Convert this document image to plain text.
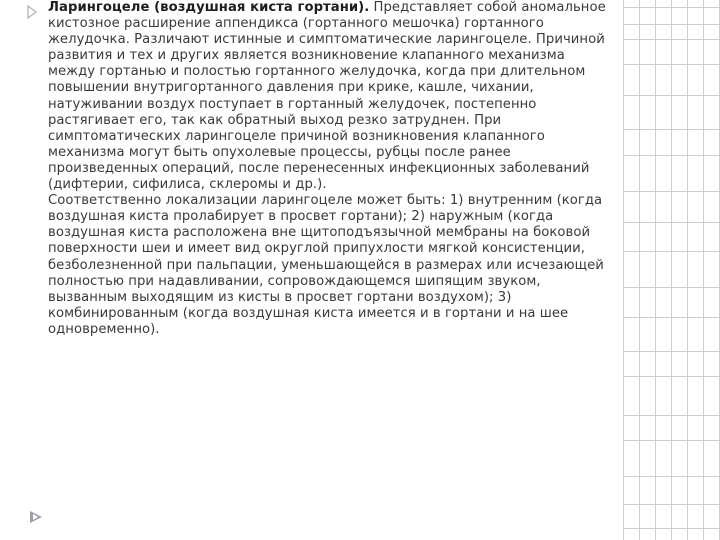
Ларингоцеле (воздушная киста гортани). Представляет собой аномальное кистозное расширение аппендикса (гортанного мешочка) гортанного желудочка. Различают истинные и симптоматические ларингоцеле. Причиной развития и тех и других является возникновение клапанного механизма между гортанью и полостью гортанного желудочка, когда при длительном повышении внутригортанного давления при крике, кашле, чихании, натуживании воздух поступает в гортанный желудочек, постепенно растягивает его, так как обратный выход резко затруднен. При симптоматических ларингоцеле причиной возникновения клапанного механизма могут быть опухолевые процессы, рубцы после ранее произведенных операций, после перенесенных инфекционных заболеваний (дифтерии, сифилиса, склеромы и др.).

Соответственно локализации ларингоцеле может быть: 1) внутренним (когда воздушная киста пролабирует в просвет гортани); 2) наружным (когда воздушная киста расположена вне щитоподъязычной мембраны на боковой поверхности шеи и имеет вид округлой припухлости мягкой консистенции, безболезненной при пальпации, уменьшающейся в размерах или исчезающей полностью при надавливании, сопровождающемся шипящим звуком, вызванным выходящим из кисты в просвет гортани воздухом); 3) комбинированным (когда воздушная киста имеется и в гортани и на шее одновременно).
